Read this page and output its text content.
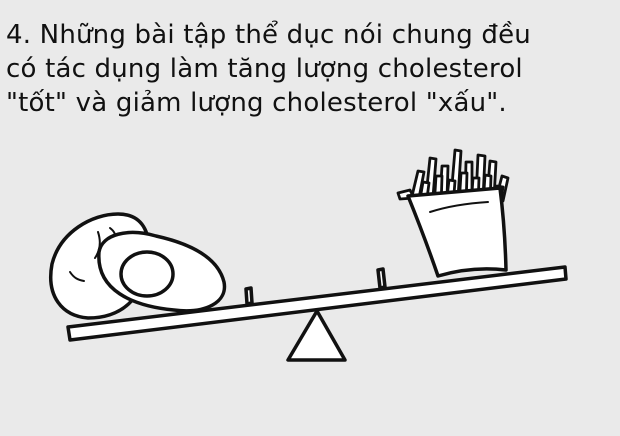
4. Những bài tập thể dục nói chung đều
có tác dụng làm tăng lượng cholesterol
"tốt" và giảm lượng cholesterol "xấu".
